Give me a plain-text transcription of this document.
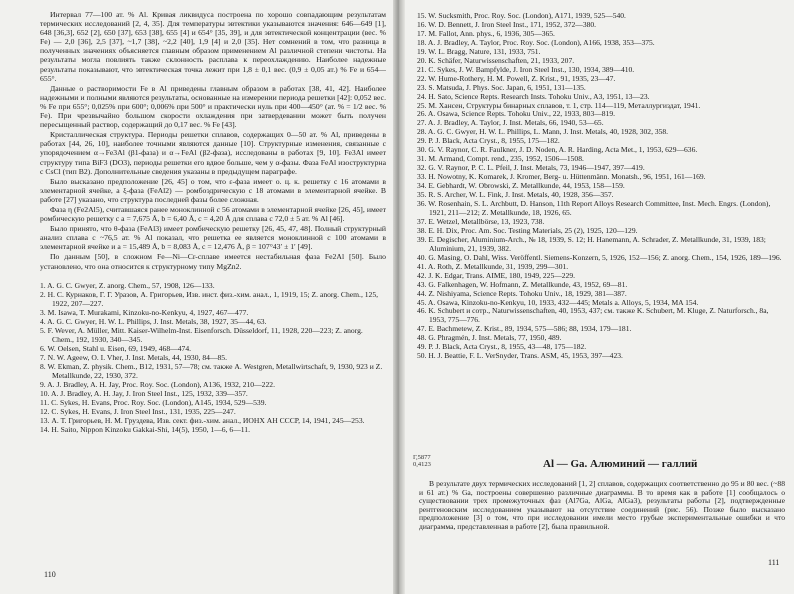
Интервал 77—100 ат. % Al. Кривая ликвидуса построена по хорошо совпадающим результатам термических исследований [2, 4, 35]. Для температуры эвтектики указываются значения: 646—649 [1], 648 [36,3], 652 [2], 650 [37], 653 [38], 655 [4] и 654° [35, 39], и для эвтектической концентрации (вес. % Fe) — 2,0 [36], 2,5 [37], ~1,7 [38], ~2,2 [40], 1,9 [4] и 2,0 [35]. Нет сомнений в том, что разница в полученных значениях объясняется главным образом применением Al различной степени чистоты. На результаты могла повлиять также склонность расплава к переохлаждению. Наиболее надежные результаты показывают, что эвтектическая точка лежит при 1,8 ± 0,1 вес. (0,9 ± 0,05 ат.) % Fe и 654—655°.

Данные о растворимости Fe в Al приведены главным образом в работах [38, 41, 42]. Наиболее надежными и полными являются результаты, основанные на измерении периода решетки [42]: 0,052 вес. % Fe при 655°; 0,025% при 600°; 0,006% при 500° и практически нуль при 400—450° (ат. % = 1/2 вес. % Fe). При чрезвычайно большом скорости охлаждения при затвердевании может быть получен пересыщенный раствор, содержащий до 0,17 вес. % Fe [43].

Кристаллическая структура. Периоды решетки сплавов, содержащих 0—50 ат. % Al, приведены в работах [44, 26, 10], наиболее точными являются данные [10]. Структурные изменения, связанные с упорядочением α→Fe3Al (β1-фаза) и α→FeAl (β2-фаза), исследованы в работах [9, 10]. Fe3Al имеет структуру типа BiF3 (DO3), периоды решетки его вдвое больше, чем у α-фазы. Фаза FeAl изоструктурна с CsCl (тип B2). Дополнительные сведения указаны в предыдущем параграфе.

Было высказано предположение [26, 45] о том, что ε-фаза имеет о. ц. к. решетку с 16 атомами в элементарной ячейке, а ξ-фаза (FeAl2) — ромбоэдрическую с 18 атомами в элементарной ячейке. В работе [27] указано, что структура последней фазы более сложная.

Фаза η (Fe2Al5), считавшаяся ранее моноклинной с 56 атомами в элементарной ячейке [26, 45], имеет ромбическую решетку с a = 7,675 Å, b = 6,40 Å, c = 4,20 Å для сплава с 72,0 ± 5 ат. % Al [46].

Было принято, что θ-фаза (FeAl3) имеет ромбическую решетку [26, 45, 47, 48]. Полный структурный анализ сплава с ~76,5 ат. % Al показал, что решетка ее является моноклинной с 100 атомами в элементарной ячейке и a = 15,489 Å, b = 8,083 Å, c = 12,476 Å, β = 107°43′ ± 1′ [49].

По данным [50], в сложном Fe—Ni—Cr-сплаве имеется нестабильная фаза Fe2Al [50]. Было установлено, что она относится к структурному типу MgZn2.

1. A. G. C. Gwyer, Z. anorg. Chem., 57, 1908, 126—133.
2. Н. С. Курнаков, Г. Г. Уразов, А. Григорьев, Изв. инст. физ.-хим. анал., 1, 1919, 15; Z. anorg. Chem., 125, 1922, 207—227.
3. M. Isawa, T. Murakami, Kinzoku-no-Kenkyu, 4, 1927, 467—477.
4. A. G. C. Gwyer, H. W. L. Phillips, J. Inst. Metals, 38, 1927, 35—44, 63.
5. F. Wever, A. Müller, Mitt. Kaiser-Wilhelm-Inst. Eisenforsch. Düsseldorf, 11, 1928, 220—223; Z. anorg. Chem., 192, 1930, 340—345.
6. W. Oelsen, Stahl u. Eisen, 69, 1949, 468—474.
7. N. W. Ageew, O. I. Vher, J. Inst. Metals, 44, 1930, 84—85.
8. W. Ekman, Z. physik. Chem., B12, 1931, 57—78; см. также A. Westgren, Metallwirtschaft, 9, 1930, 923 и Z. Metallkunde, 22, 1930, 372.
9. A. J. Bradley, A. H. Jay, Proc. Roy. Soc. (London), A136, 1932, 210—222.
10. A. J. Bradley, A. H. Jay, J. Iron Steel Inst., 125, 1932, 339—357.
11. C. Sykes, H. Evans, Proc. Roy. Soc. (London), A145, 1934, 529—539.
12. C. Sykes, H. Evans, J. Iron Steel Inst., 131, 1935, 225—247.
13. А. Т. Григорьев, Н. М. Груздева, Изв. сект. физ.-хим. анал., ИОНХ АН СССР, 14, 1941, 245—253.
14. H. Saito, Nippon Kinzoku Gakkai-Shi, 14(5), 1950, 1—6, 6—11.
110
15. W. Sucksmith, Proc. Roy. Soc. (London), A171, 1939, 525—540.
16. W. D. Bennett, J. Iron Steel Inst., 171, 1952, 372—380.
17. M. Fallot, Ann. phys., 6, 1936, 305—365.
18. A. J. Bradley, A. Taylor, Proc. Roy. Soc. (London), A166, 1938, 353—375.
19. W. L. Bragg, Nature, 131, 1933, 751.
20. K. Schäfer, Naturwissenschaften, 21, 1933, 207.
21. C. Sykes, J. W. Bampfylde, J. Iron Steel Inst., 130, 1934, 389—410.
22. W. Hume-Rothery, H. M. Powell, Z. Krist., 91, 1935, 23—47.
23. S. Matsuda, J. Phys. Soc. Japan, 6, 1951, 131—135.
24. H. Sato, Science Repts. Research Insts. Tohoku Univ., A3, 1951, 13—23.
25. M. Хансен, Структуры бинарных сплавов, т. 1, стр. 114—119, Металлургиздат, 1941.
26. A. Osawa, Science Repts. Tohoku Univ., 22, 1933, 803—819.
27. A. J. Bradley, A. Taylor, J. Inst. Metals, 66, 1940, 53—65.
28. A. G. C. Gwyer, H. W. L. Phillips, L. Mann, J. Inst. Metals, 40, 1928, 302, 358.
29. P. J. Black, Acta Cryst., 8, 1955, 175—182.
30. G. V. Raynor, C. R. Faulkner, J. D. Noden, A. R. Harding, Acta Met., 1, 1953, 629—636.
31. M. Armand, Compt. rend., 235, 1952, 1506—1508.
32. G. V. Raynor, P. C. L. Pfeil, J. Inst. Metals, 73, 1946—1947, 397—419.
33. H. Nowotny, K. Komarek, J. Kromer, Berg- u. Hüttenmänn. Monatsh., 96, 1951, 161—169.
34. E. Gebhardt, W. Obrowski, Z. Metallkunde, 44, 1953, 158—159.
35. R. S. Archer, W. L. Fink, J. Inst. Metals, 40, 1928, 356—357.
36. W. Rosenhain, S. L. Archbutt, D. Hanson, 11th Report Alloys Research Committee, Inst. Mech. Engrs. (London), 1921, 211—212; Z. Metallkunde, 18, 1926, 65.
37. E. Wetzel, Metallbörse, 13, 1923, 738.
38. E. H. Dix, Proc. Am. Soc. Testing Materials, 25 (2), 1925, 120—129.
39. E. Degischer, Aluminium-Arch., № 18, 1939, S. 12; H. Hanemann, A. Schrader, Z. Metallkunde, 31, 1939, 183; Aluminium, 21, 1939, 382.
40. G. Masing, O. Dahl, Wiss. Veröffentl. Siemens-Konzern, 5, 1926, 152—156; Z. anorg. Chem., 154, 1926, 189—196.
41. A. Roth, Z. Metallkunde, 31, 1939, 299—301.
42. J. K. Edgar, Trans. AIME, 180, 1949, 225—229.
43. G. Falkenhagen, W. Hofmann, Z. Metallkunde, 43, 1952, 69—81.
44. Z. Nishiyama, Science Repts. Tohoku Univ., 18, 1929, 381—387.
45. A. Osawa, Kinzoku-no-Kenkyu, 10, 1933, 432—445; Metals a. Alloys, 5, 1934, MA 154.
46. K. Schubert и сотр., Naturwissenschaften, 40, 1953, 437; см. также K. Schubert, M. Kluge, Z. Naturforsch., 8a, 1953, 775—776.
47. E. Bachmetew, Z. Krist., 89, 1934, 575—586; 88, 1934, 179—181.
48. G. Phragmén, J. Inst. Metals, 77, 1950, 489.
49. P. J. Black, Acta Cryst., 8, 1955, 43—48, 175—182.
50. H. J. Beattie, F. L. VerSnyder, Trans. ASM, 45, 1953, 397—423.
Γ,5877
0,4123	Al — Ga. Алюминий — галлий

В результате двух термических исследований [1, 2] сплавов, содержащих соответственно до 95 и 80 вес. (~88 и 61 ат.) % Ga, построены совершенно различные диаграммы. В то время как в работе [1] сообщалось о существовании трех промежуточных фаз (Al7Ga, AlGa, AlGa3), результаты работы [2], подтвержденные рентгеновским исследованием указывают на отсутствие соединений (рис. 56). Позже было высказано предположение [3] о том, что при исследовании имели место грубые экспериментальные ошибки и что диаграмма, представленная в работе [2], была правильной.

111
